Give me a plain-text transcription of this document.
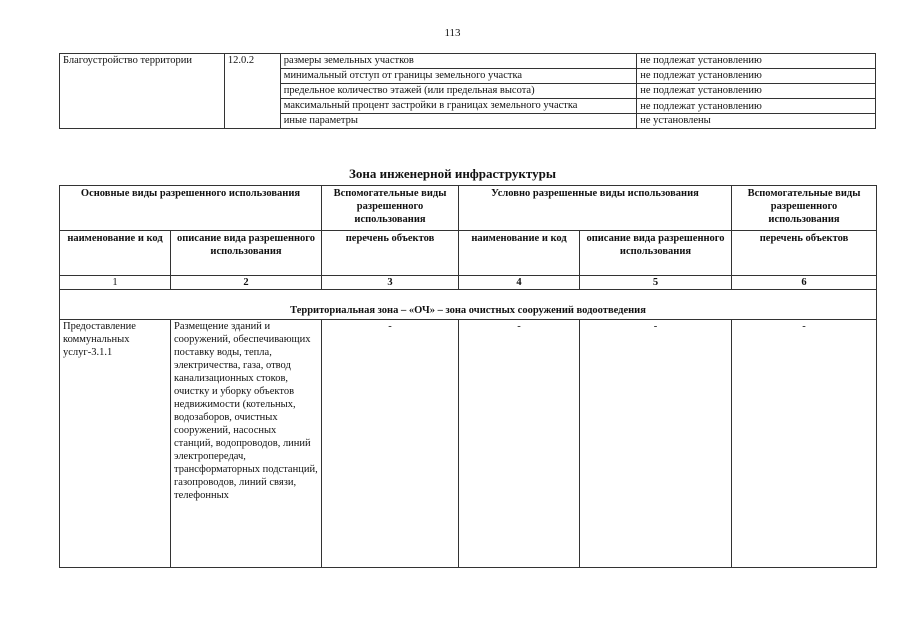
113
Благоустройство территории	12.0.2	размеры земельных участков	не подлежат установлению
		минимальный отступ от границы земельного участка	не подлежат установлению
		предельное количество этажей (или предельная высота)	не подлежат установлению
		максимальный процент застройки в границах земельного участка	не подлежат установлению
		иные параметры	не установлены
Зона инженерной инфраструктуры
Основные виды разрешенного использования		Вспомогательные виды разрешенного использования	Условно разрешенные виды использования		Вспомогательные виды разрешенного использования
наименование и код	описание вида разрешенного использования	перечень объектов	наименование и код	описание вида разрешенного использования	перечень объектов
1	2	3	4	5	6
Территориальная зона – «ОЧ» – зона очистных сооружений водоотведения					
Предоставление коммунальных услуг-3.1.1	Размещение зданий и сооружений, обеспечивающих поставку воды, тепла, электричества, газа, отвод канализационных стоков, очистку и уборку объектов недвижимости (котельных, водозаборов, очистных сооружений, насосных станций, водопроводов, линий электропередач, трансформаторных подстанций, газопроводов, линий связи, телефонных	-	-	-	-
